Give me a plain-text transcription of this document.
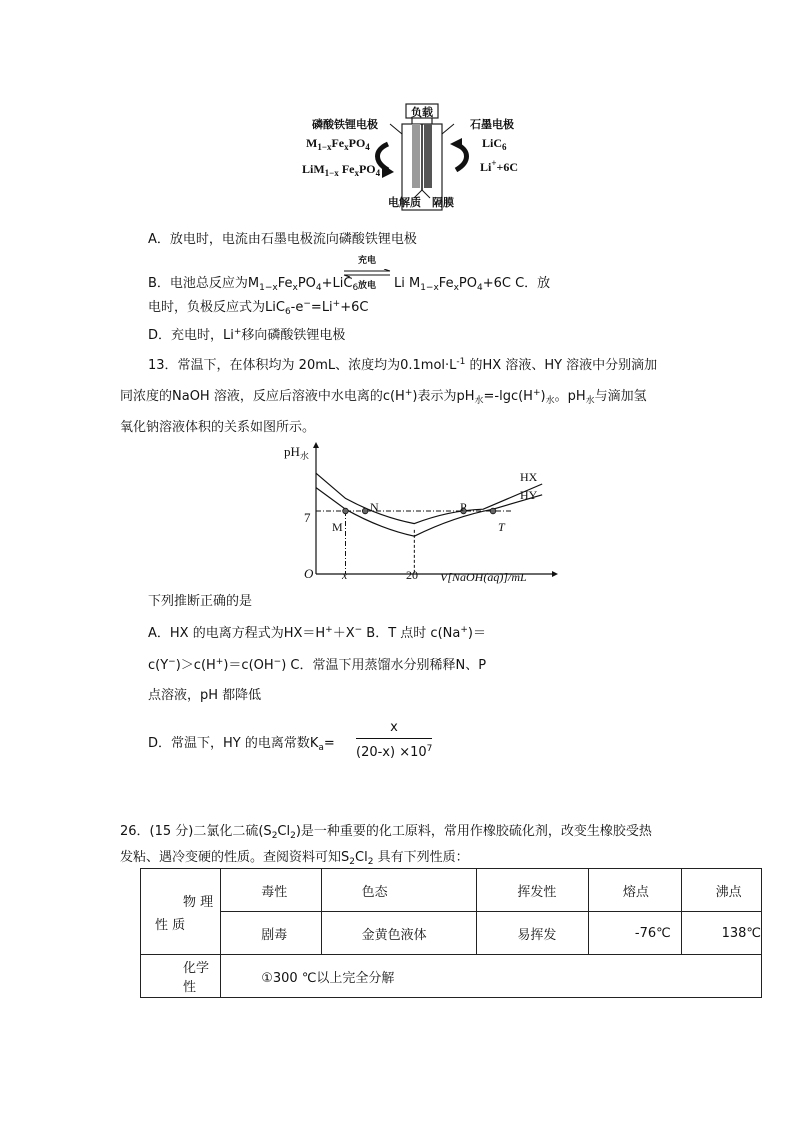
负载
磷酸铁锂电极	石墨电极
$M_{1-x}Fe_xPO_4$
LiM$_{1-x}$ $Fe_xPO_4$
LiC$_6$
Li++6C
电解质 隔膜
A．放电时，电流由石墨电极流向磷酸铁锂电极
B．电池总反应为$M_{1-x}Fe_xPO_4+LiC_6$
充电
放电	Li $M_{1-x}Fe_xPO_4+6C$ C．放
电时，负极反应式为LiC$_6$-e−=Li++6C
D．充电时，Li+移向磷酸铁锂电极
13．常温下，在体积均为 20mL、浓度均为$0.1mol\cdot L^{-1}$ 的HX 溶液、HY 溶液中分别滴加
同浓度的NaOH 溶液，反应后溶液中水电离的c(H+)表示为$pH_水=-\lg c(H^+)_水$。$pH_水$与滴加氢
氧化钠溶液体积的关系如图所示。
$pH_水$
O	V[NaOH(aq)]/mL
7
x	20
HX
HY
M
N	P
T
下列推断正确的是
A．HX 的电离方程式为HX＝H+＋X− B．T 点时 c(Na+)＝
c(Y−)＞c(H+)＝c(OH−) C．常温下用蒸馏水分别稀释N、P
点溶液，pH 都降低
D．常温下，HY 的电离常数$K_a=$
x
$(20-x) \times 10^7$
26．(15 分)二氯化二硫$(S_2Cl_2)$是一种重要的化工原料，常用作橡胶硫化剂，改变生橡胶受热
发粘、遇冷变硬的性质。查阅资料可知$S_2Cl_2$ 具有下列性质：
物 理
性 质	毒性	色态	挥发性	熔点	沸点
	剧毒	金黄色液体	易挥发	-76℃	138℃
化学性	①300 ℃以上完全分解				
